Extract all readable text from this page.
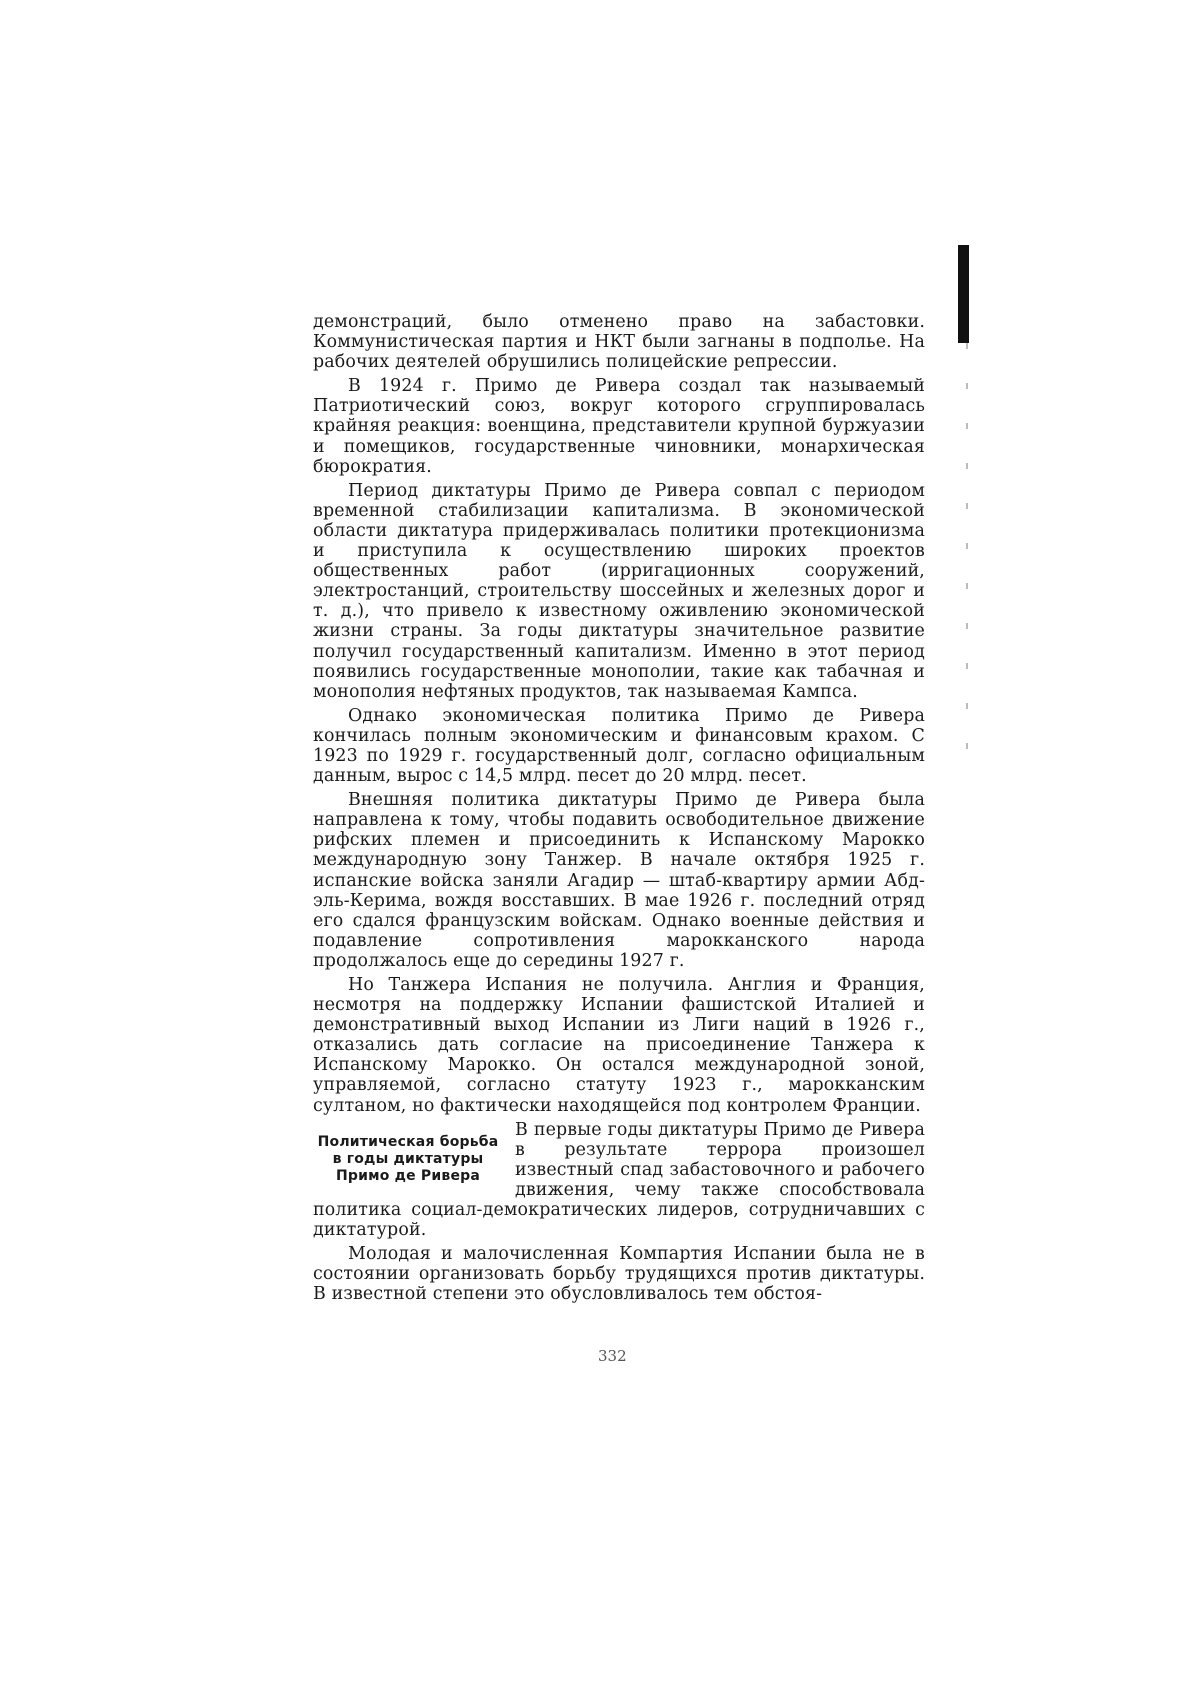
демонстраций, было отменено право на забастовки. Коммунистическая партия и НКТ были загнаны в подполье. На рабочих деятелей обрушились полицейские репрессии.

В 1924 г. Примо де Ривера создал так называемый Патриотический союз, вокруг которого сгруппировалась крайняя реакция: военщина, представители крупной буржуазии и помещиков, государственные чиновники, монархическая бюрократия.

Период диктатуры Примо де Ривера совпал с периодом временной стабилизации капитализма. В экономической области диктатура придерживалась политики протекционизма и приступила к осуществлению широких проектов общественных работ (ирригационных сооружений, электростанций, строительству шоссейных и железных дорог и т. д.), что привело к известному оживлению экономической жизни страны. За годы диктатуры значительное развитие получил государственный капитализм. Именно в этот период появились государственные монополии, такие как табачная и монополия нефтяных продуктов, так называемая Кампса.

Однако экономическая политика Примо де Ривера кончилась полным экономическим и финансовым крахом. С 1923 по 1929 г. государственный долг, согласно официальным данным, вырос с 14,5 млрд. песет до 20 млрд. песет.

Внешняя политика диктатуры Примо де Ривера была направлена к тому, чтобы подавить освободительное движение рифских племен и присоединить к Испанскому Марокко международную зону Танжер. В начале октября 1925 г. испанские войска заняли Агадир — штаб-квартиру армии Абд-эль-Керима, вождя восставших. В мае 1926 г. последний отряд его сдался французским войскам. Однако военные действия и подавление сопротивления марокканского народа продолжалось еще до середины 1927 г.

Но Танжера Испания не получила. Англия и Франция, несмотря на поддержку Испании фашистской Италией и демонстративный выход Испании из Лиги наций в 1926 г., отказались дать согласие на присоединение Танжера к Испанскому Марокко. Он остался международной зоной, управляемой, согласно статуту 1923 г., марокканским султаном, но фактически находящейся под контролем Франции.

Политическая борьба в годы диктатуры Примо де Ривера

В первые годы диктатуры Примо де Ривера в результате террора произошел известный спад забастовочного и рабочего движения, чему также способствовала политика социал-демократических лидеров, сотрудничавших с диктатурой.

Молодая и малочисленная Компартия Испании была не в состоянии организовать борьбу трудящихся против диктатуры. В известной степени это обусловливалось тем обстоя-

332
